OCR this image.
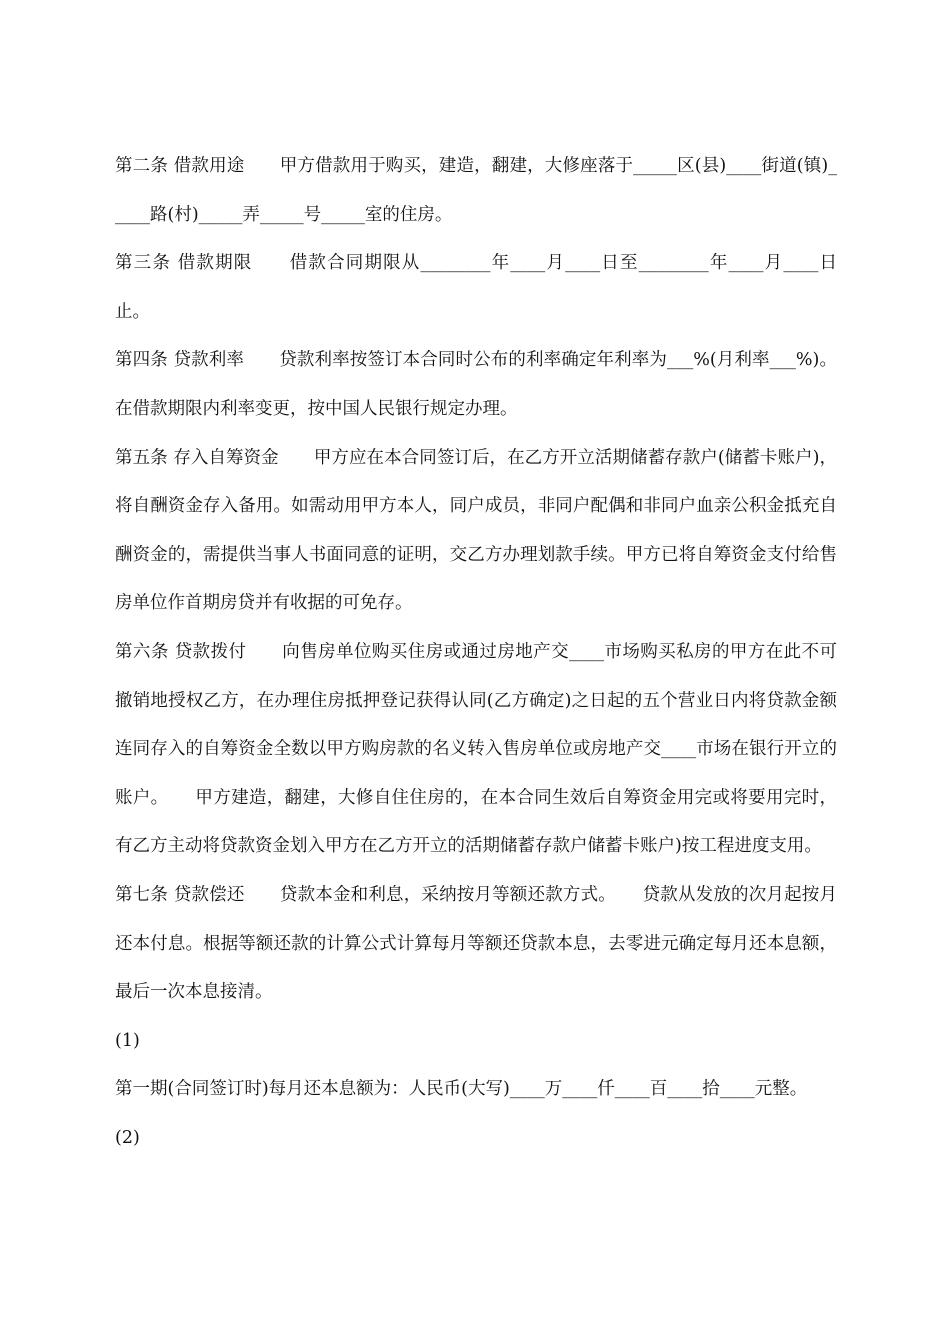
第二条 借款用途　　甲方借款用于购买，建造，翻建，大修座落于_____区(县)____街道(镇)_____路(村)_____弄_____号_____室的住房。

第三条 借款期限　　借款合同期限从________年____月____日至________年____月____日止。

第四条 贷款利率　　贷款利率按签订本合同时公布的利率确定年利率为___%(月利率___%)。在借款期限内利率变更，按中国人民银行规定办理。

第五条 存入自筹资金　　甲方应在本合同签订后，在乙方开立活期储蓄存款户(储蓄卡账户)，将自酬资金存入备用。如需动用甲方本人，同户成员，非同户配偶和非同户血亲公积金抵充自酬资金的，需提供当事人书面同意的证明，交乙方办理划款手续。甲方已将自筹资金支付给售房单位作首期房贷并有收据的可免存。

第六条 贷款拨付　　向售房单位购买住房或通过房地产交____市场购买私房的甲方在此不可撤销地授权乙方，在办理住房抵押登记获得认同(乙方确定)之日起的五个营业日内将贷款金额连同存入的自筹资金全数以甲方购房款的名义转入售房单位或房地产交____市场在银行开立的账户。　　甲方建造，翻建，大修自住住房的，在本合同生效后自筹资金用完或将要用完时，有乙方主动将贷款资金划入甲方在乙方开立的活期储蓄存款户储蓄卡账户)按工程进度支用。

第七条 贷款偿还　　贷款本金和利息，采纳按月等额还款方式。　　贷款从发放的次月起按月还本付息。根据等额还款的计算公式计算每月等额还贷款本息，去零进元确定每月还本息额，最后一次本息接清。

(1)

第一期(合同签订时)每月还本息额为：人民币(大写)____万____仟____百____拾____元整。

(2)
